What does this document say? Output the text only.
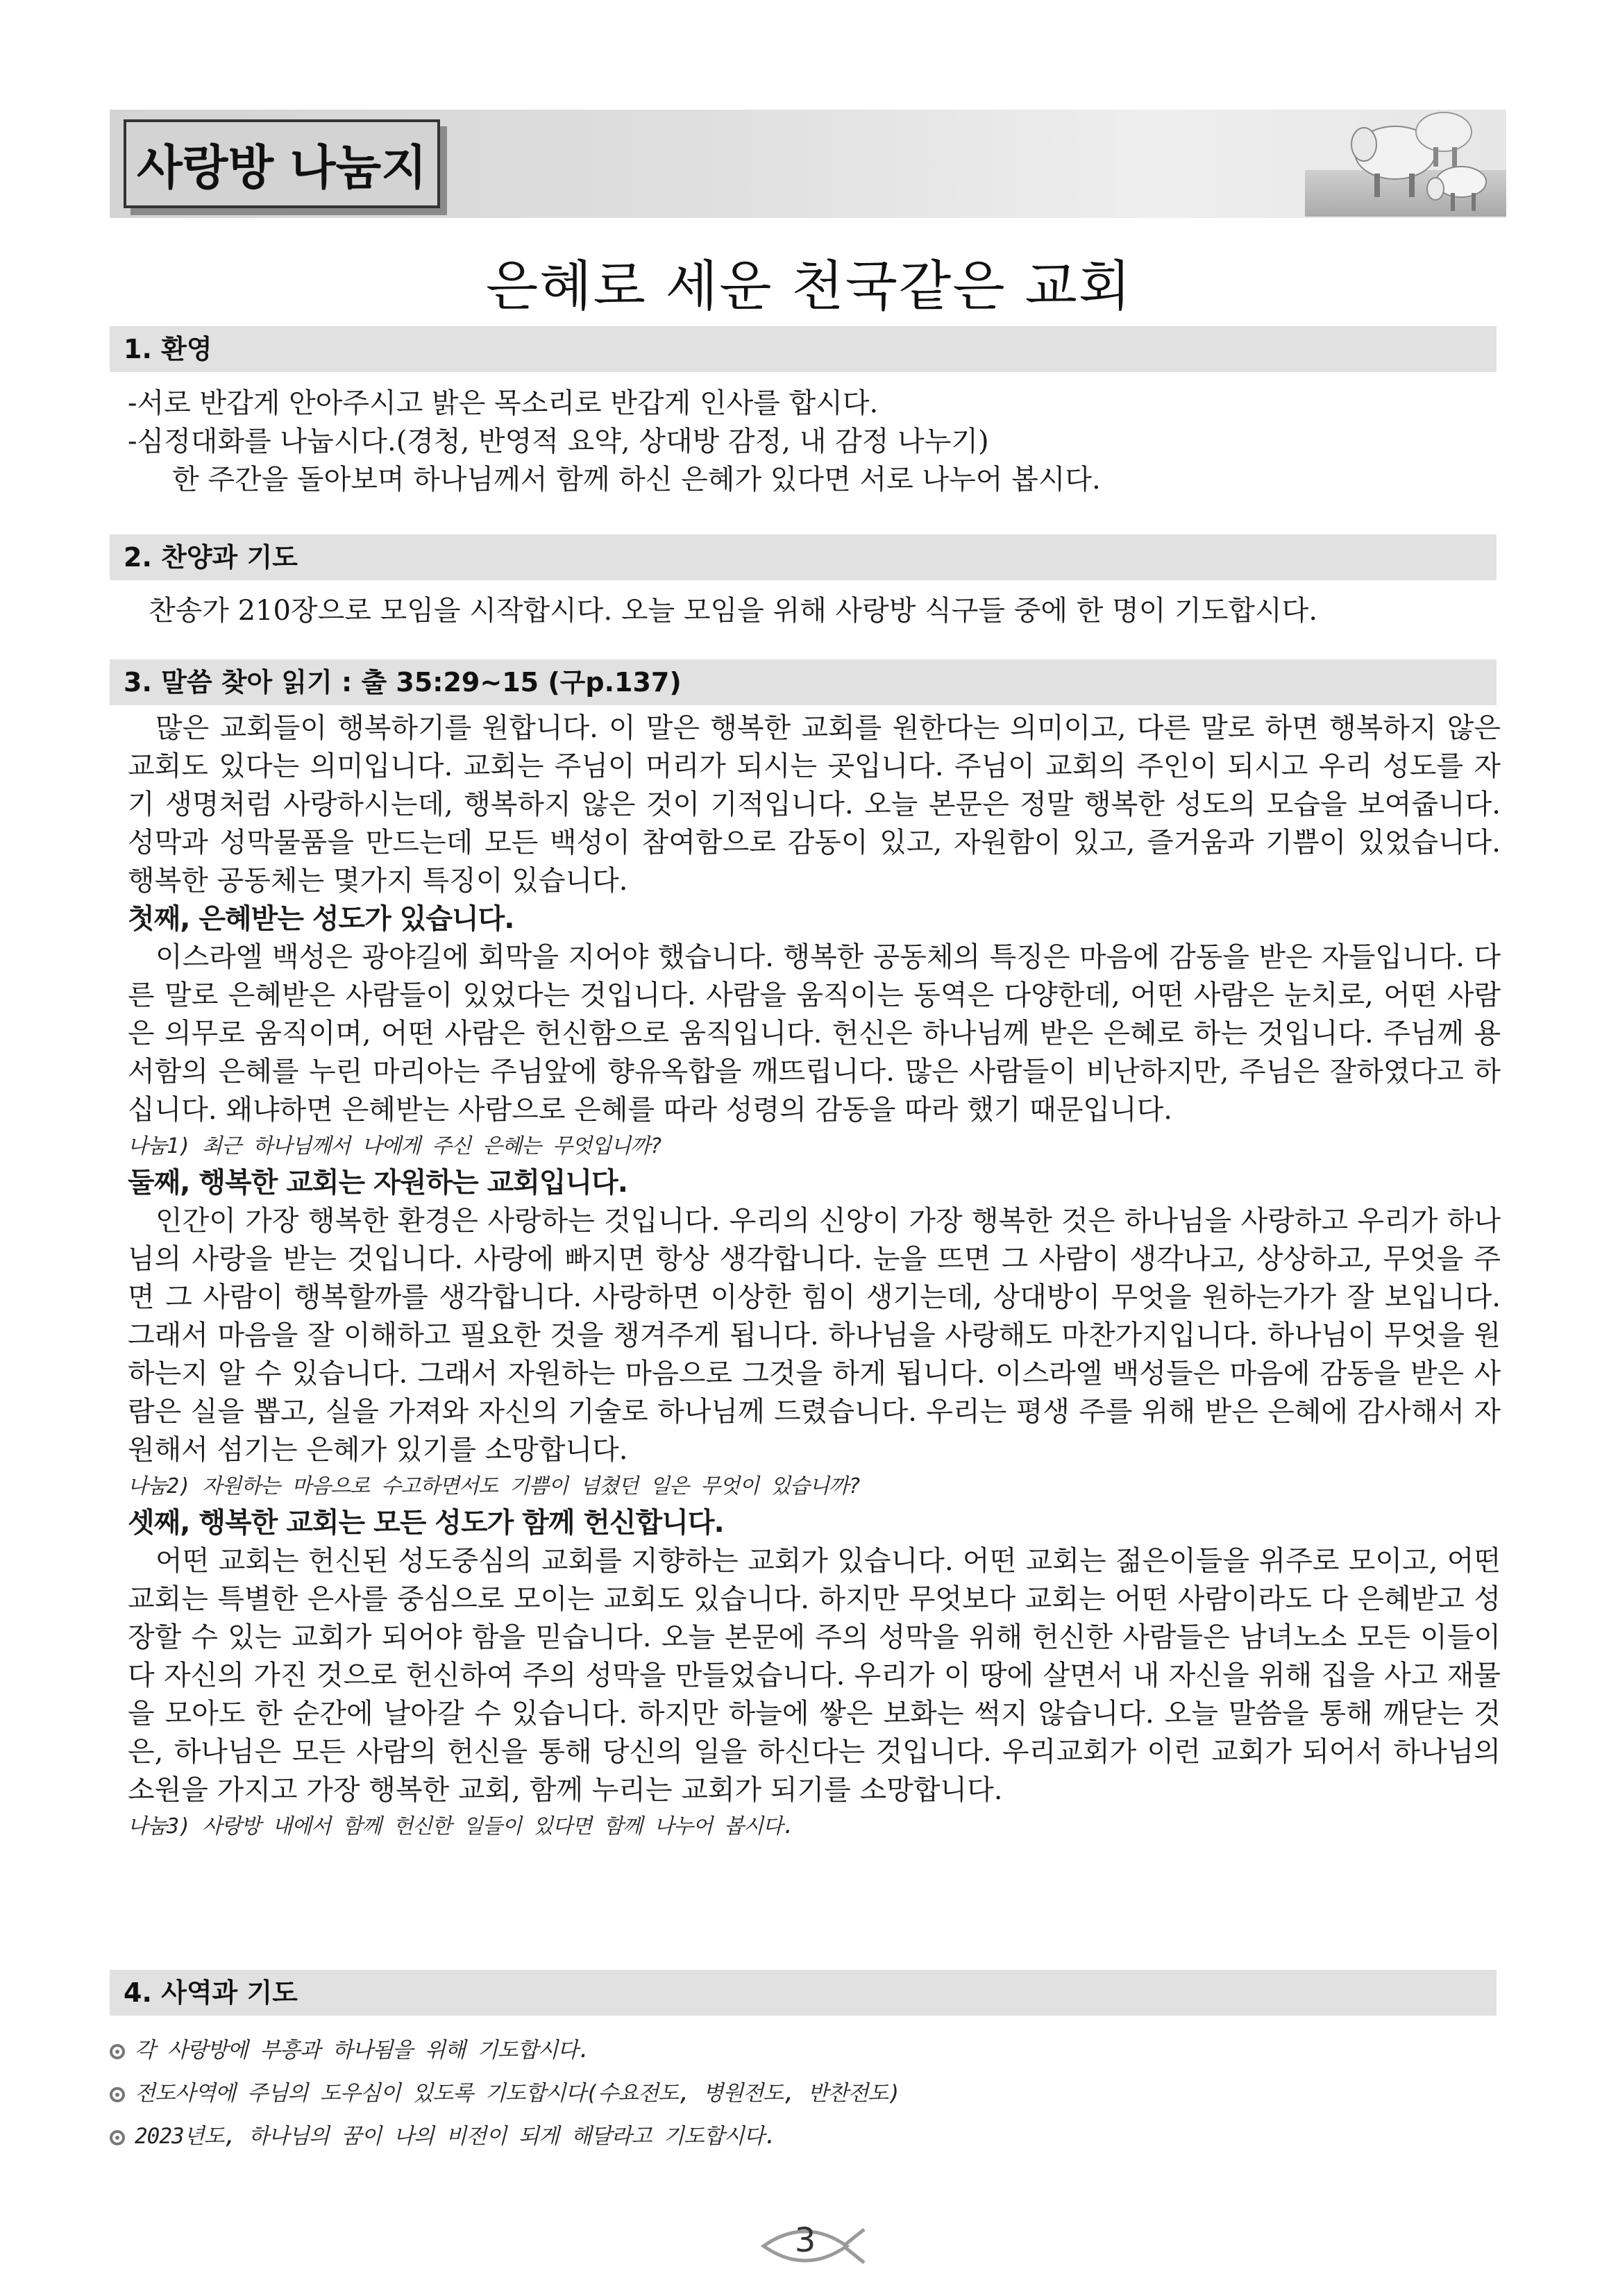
사랑방 나눔지
은혜로 세운 천국같은 교회
1. 환영
-서로 반갑게 안아주시고 밝은 목소리로 반갑게 인사를 합시다.
-심정대화를 나눕시다.(경청, 반영적 요약, 상대방 감정, 내 감정 나누기)
한 주간을 돌아보며 하나님께서 함께 하신 은혜가 있다면 서로 나누어 봅시다.
2. 찬양과 기도
찬송가 210장으로 모임을 시작합시다. 오늘 모임을 위해 사랑방 식구들 중에 한 명이 기도합시다.
3. 말씀 찾아 읽기 : 출 35:29~15 (구p.137)

많은 교회들이 행복하기를 원합니다. 이 말은 행복한 교회를 원한다는 의미이고, 다른 말로 하면 행복하지 않은 교회도 있다는 의미입니다. 교회는 주님이 머리가 되시는 곳입니다. 주님이 교회의 주인이 되시고 우리 성도를 자기 생명처럼 사랑하시는데, 행복하지 않은 것이 기적입니다. 오늘 본문은 정말 행복한 성도의 모습을 보여줍니다. 성막과 성막물품을 만드는데 모든 백성이 참여함으로 감동이 있고, 자원함이 있고, 즐거움과 기쁨이 있었습니다. 행복한 공동체는 몇가지 특징이 있습니다.

첫째, 은혜받는 성도가 있습니다.

이스라엘 백성은 광야길에 회막을 지어야 했습니다. 행복한 공동체의 특징은 마음에 감동을 받은 자들입니다. 다른 말로 은혜받은 사람들이 있었다는 것입니다. 사람을 움직이는 동역은 다양한데, 어떤 사람은 눈치로, 어떤 사람은 의무로 움직이며, 어떤 사람은 헌신함으로 움직입니다. 헌신은 하나님께 받은 은혜로 하는 것입니다. 주님께 용서함의 은혜를 누린 마리아는 주님앞에 향유옥합을 깨뜨립니다. 많은 사람들이 비난하지만, 주님은 잘하였다고 하십니다. 왜냐하면 은혜받는 사람으로 은혜를 따라 성령의 감동을 따라 했기 때문입니다.

나눔1) 최근 하나님께서 나에게 주신 은혜는 무엇입니까?
둘째, 행복한 교회는 자원하는 교회입니다.

인간이 가장 행복한 환경은 사랑하는 것입니다. 우리의 신앙이 가장 행복한 것은 하나님을 사랑하고 우리가 하나님의 사랑을 받는 것입니다. 사랑에 빠지면 항상 생각합니다. 눈을 뜨면 그 사람이 생각나고, 상상하고, 무엇을 주면 그 사람이 행복할까를 생각합니다. 사랑하면 이상한 힘이 생기는데, 상대방이 무엇을 원하는가가 잘 보입니다. 그래서 마음을 잘 이해하고 필요한 것을 챙겨주게 됩니다. 하나님을 사랑해도 마찬가지입니다. 하나님이 무엇을 원하는지 알 수 있습니다. 그래서 자원하는 마음으로 그것을 하게 됩니다. 이스라엘 백성들은 마음에 감동을 받은 사람은 실을 뽑고, 실을 가져와 자신의 기술로 하나님께 드렸습니다. 우리는 평생 주를 위해 받은 은혜에 감사해서 자원해서 섬기는 은혜가 있기를 소망합니다.

나눔2) 자원하는 마음으로 수고하면서도 기쁨이 넘쳤던 일은 무엇이 있습니까?
셋째, 행복한 교회는 모든 성도가 함께 헌신합니다.

어떤 교회는 헌신된 성도중심의 교회를 지향하는 교회가 있습니다. 어떤 교회는 젊은이들을 위주로 모이고, 어떤 교회는 특별한 은사를 중심으로 모이는 교회도 있습니다. 하지만 무엇보다 교회는 어떤 사람이라도 다 은혜받고 성장할 수 있는 교회가 되어야 함을 믿습니다. 오늘 본문에 주의 성막을 위해 헌신한 사람들은 남녀노소 모든 이들이 다 자신의 가진 것으로 헌신하여 주의 성막을 만들었습니다. 우리가 이 땅에 살면서 내 자신을 위해 집을 사고 재물을 모아도 한 순간에 날아갈 수 있습니다. 하지만 하늘에 쌓은 보화는 썩지 않습니다. 오늘 말씀을 통해 깨닫는 것은, 하나님은 모든 사람의 헌신을 통해 당신의 일을 하신다는 것입니다. 우리교회가 이런 교회가 되어서 하나님의 소원을 가지고 가장 행복한 교회, 함께 누리는 교회가 되기를 소망합니다.

나눔3) 사랑방 내에서 함께 헌신한 일들이 있다면 함께 나누어 봅시다.
4. 사역과 기도
각 사랑방에 부흥과 하나됨을 위해 기도합시다.
전도사역에 주님의 도우심이 있도록 기도합시다(수요전도, 병원전도, 반찬전도)
2023년도, 하나님의 꿈이 나의 비전이 되게 해달라고 기도합시다.
3
